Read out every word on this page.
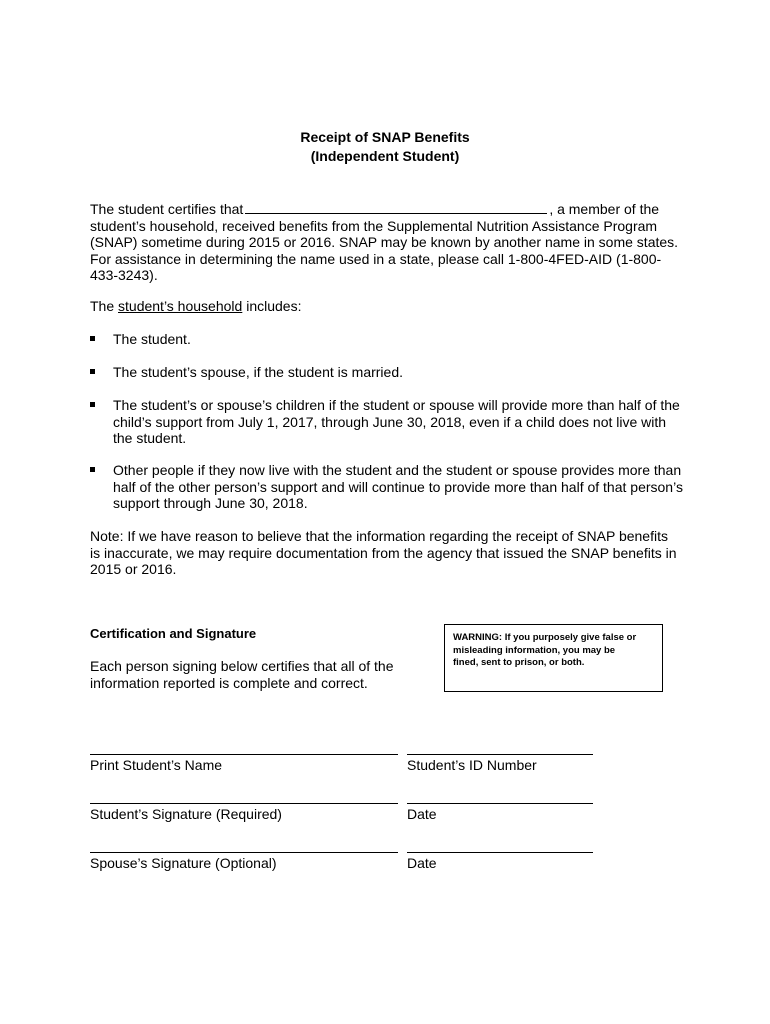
Receipt of SNAP Benefits
(Independent Student)
The student certifies that	, a member of the
student’s household, received benefits from the Supplemental Nutrition Assistance Program
(SNAP) sometime during 2015 or 2016. SNAP may be known by another name in some states.
For assistance in determining the name used in a state, please call 1-800-4FED-AID (1-800-
433-3243).
The student’s household includes:
The student.
The student’s spouse, if the student is married.
The student’s or spouse’s children if the student or spouse will provide more than half of the
child’s support from July 1, 2017, through June 30, 2018, even if a child does not live with
the student.
Other people if they now live with the student and the student or spouse provides more than
half of the other person’s support and will continue to provide more than half of that person’s
support through June 30, 2018.
Note: If we have reason to believe that the information regarding the receipt of SNAP benefits
is inaccurate, we may require documentation from the agency that issued the SNAP benefits in
2015 or 2016.
Certification and Signature
Each person signing below certifies that all of the
information reported is complete and correct.
WARNING: If you purposely give false or
misleading information, you may be
fined, sent to prison, or both.
Print Student’s Name	Student’s ID Number
Student’s Signature (Required)	Date
Spouse’s Signature (Optional)	Date
